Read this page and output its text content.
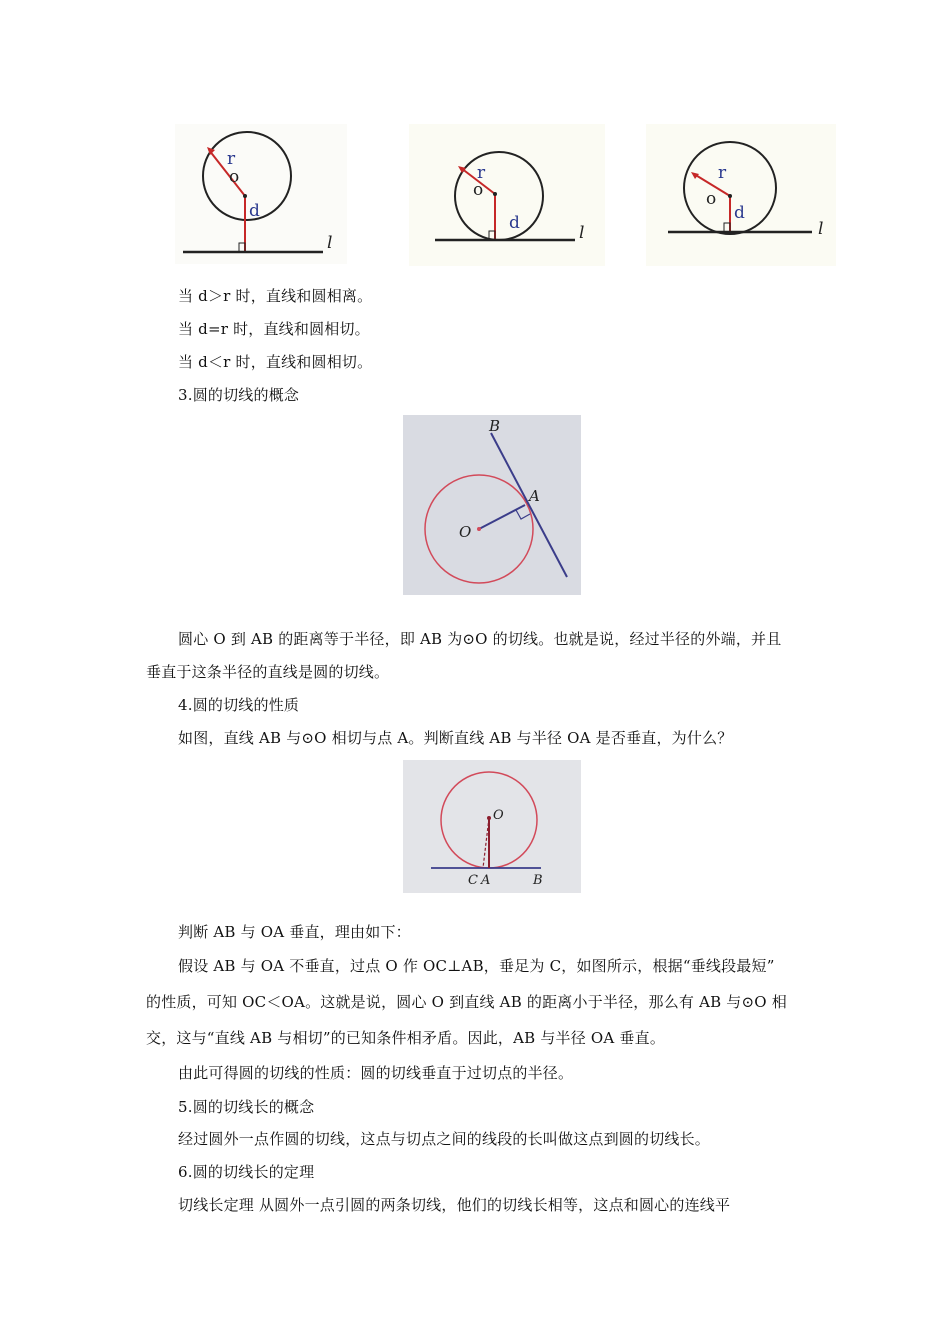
r
o
d
l
r
o
d	l
r
o
d
l
当 d＞r 时，直线和圆相离。
当 d=r 时，直线和圆相切。
当 d＜r 时，直线和圆相切。
3.圆的切线的概念
B
A
O
圆心 O 到 AB 的距离等于半径，即 AB 为⊙O 的切线。也就是说，经过半径的外端，并且
垂直于这条半径的直线是圆的切线。
4.圆的切线的性质
如图，直线 AB 与⊙O 相切与点 A。判断直线 AB 与半径 OA 是否垂直，为什么？
O
C A	B
判断 AB 与 OA 垂直，理由如下：
假设 AB 与 OA 不垂直，过点 O 作 OC⊥AB，垂足为 C，如图所示，根据“垂线段最短”
的性质，可知 OC＜OA。这就是说，圆心 O 到直线 AB 的距离小于半径，那么有 AB 与⊙O 相
交，这与“直线 AB 与相切”的已知条件相矛盾。因此，AB 与半径 OA 垂直。
由此可得圆的切线的性质：圆的切线垂直于过切点的半径。
5.圆的切线长的概念
经过圆外一点作圆的切线，这点与切点之间的线段的长叫做这点到圆的切线长。
6.圆的切线长的定理
切线长定理 从圆外一点引圆的两条切线，他们的切线长相等，这点和圆心的连线平
